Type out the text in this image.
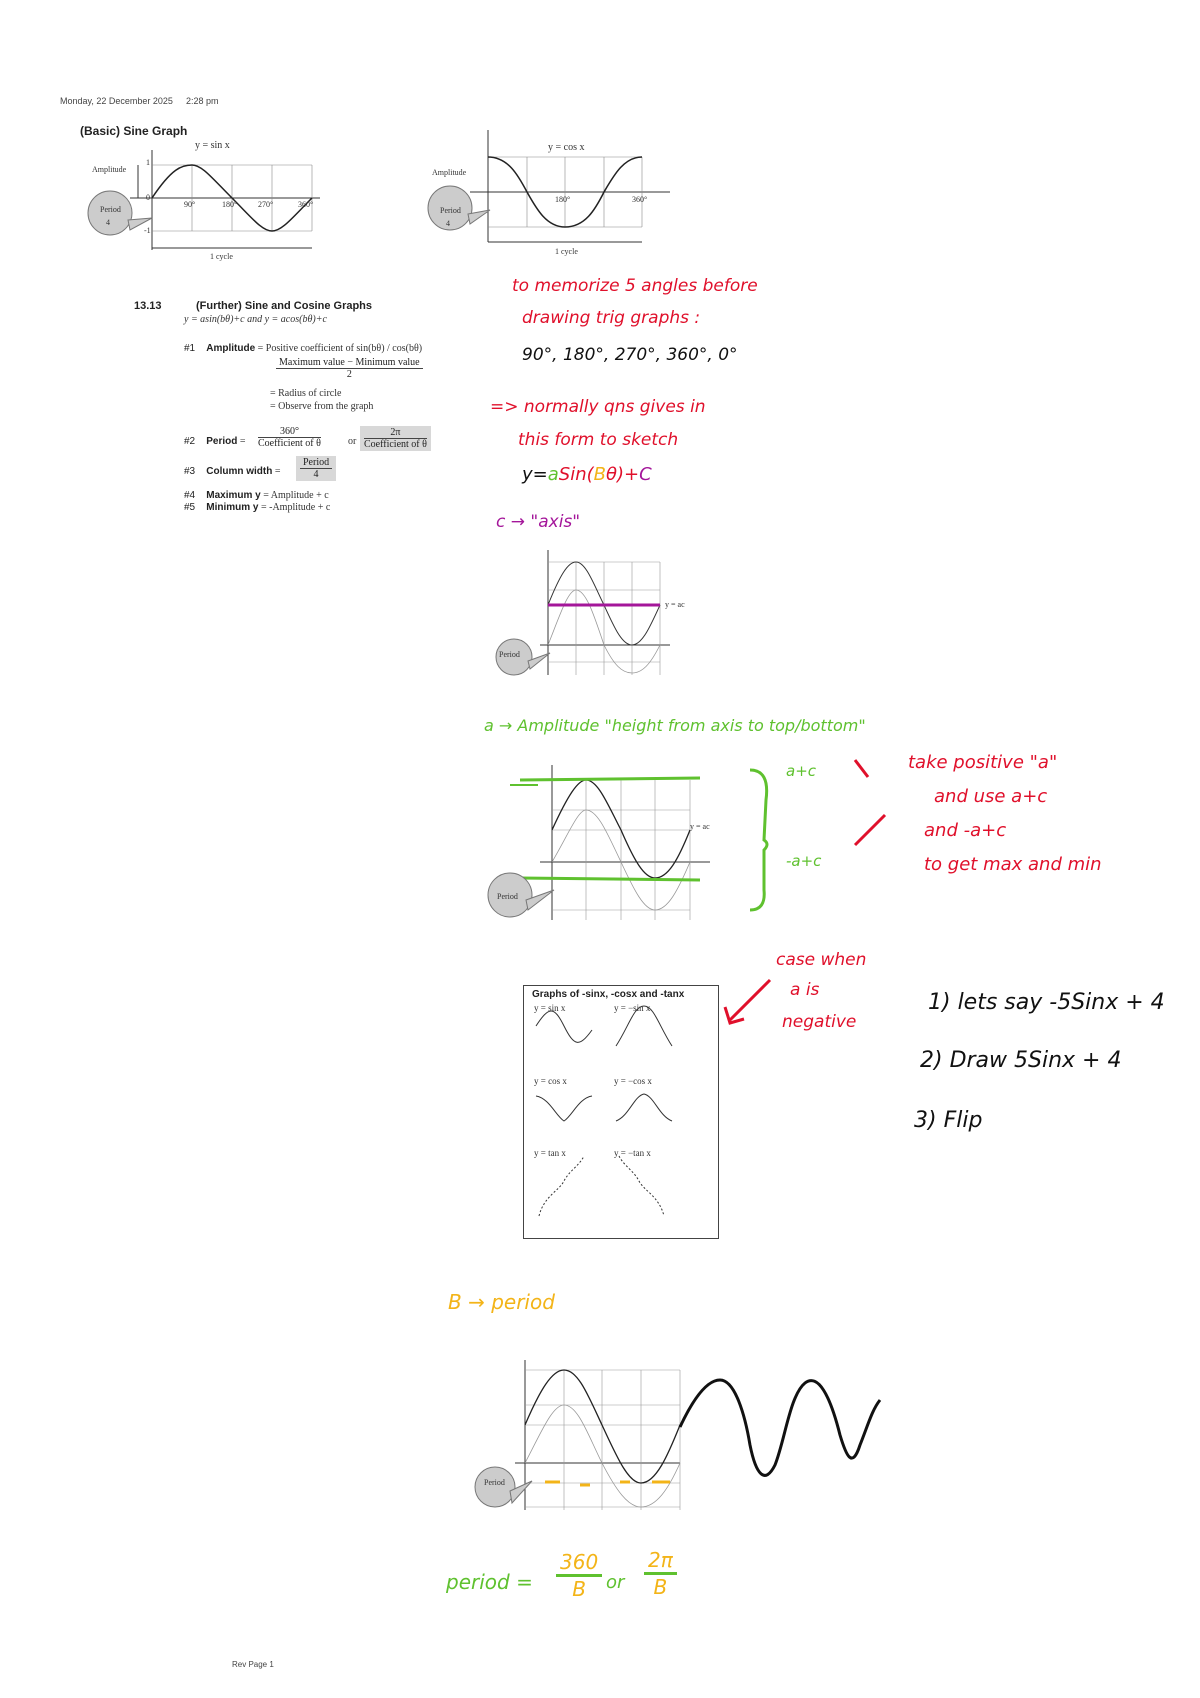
Monday, 22 December 2025 2:28 pm
(Basic) Sine Graph
y = sin x
Amplitude
Period
4
1
0
-1
90°	180°	270°	360°
1 cycle
y = cos x
Amplitude
Period
4
180°	360°
1 cycle
13.13	(Further) Sine and Cosine Graphs
y = asin(bθ)+c and y = acos(bθ)+c
#1 Amplitude = Positive coefficient of sin(bθ) / cos(bθ)
Maximum value − Minimum value
2
= Radius of circle
= Observe from the graph
#2 Period =
360°
Coefficient of θ	or
2π
Coefficient of θ
#3 Column width =
Period
4
#4 Maximum y = Amplitude + c
#5 Minimum y = -Amplitude + c
to memorize 5 angles before
drawing trig graphs :
90°, 180°, 270°, 360°, 0°
=> normally qns gives in
this form to sketch
y=aSin(Bθ)+C
c → "axis"
y = ac
Period
a → Amplitude "height from axis to top/bottom"
y = ac
Period
a+c
-a+c
take positive "a"
and use a+c
and -a+c
to get max and min
Graphs of -sinx, -cosx and -tanx
y = sin x	y = −sin x
y = cos x	y = −cos x
y = tan x	y = −tan x
case when
a is
negative
1) lets say -5Sinx + 4
2) Draw 5Sinx + 4
3) Flip
B → period
Period
period =
360
B	or
2π
B
Rev Page 1
